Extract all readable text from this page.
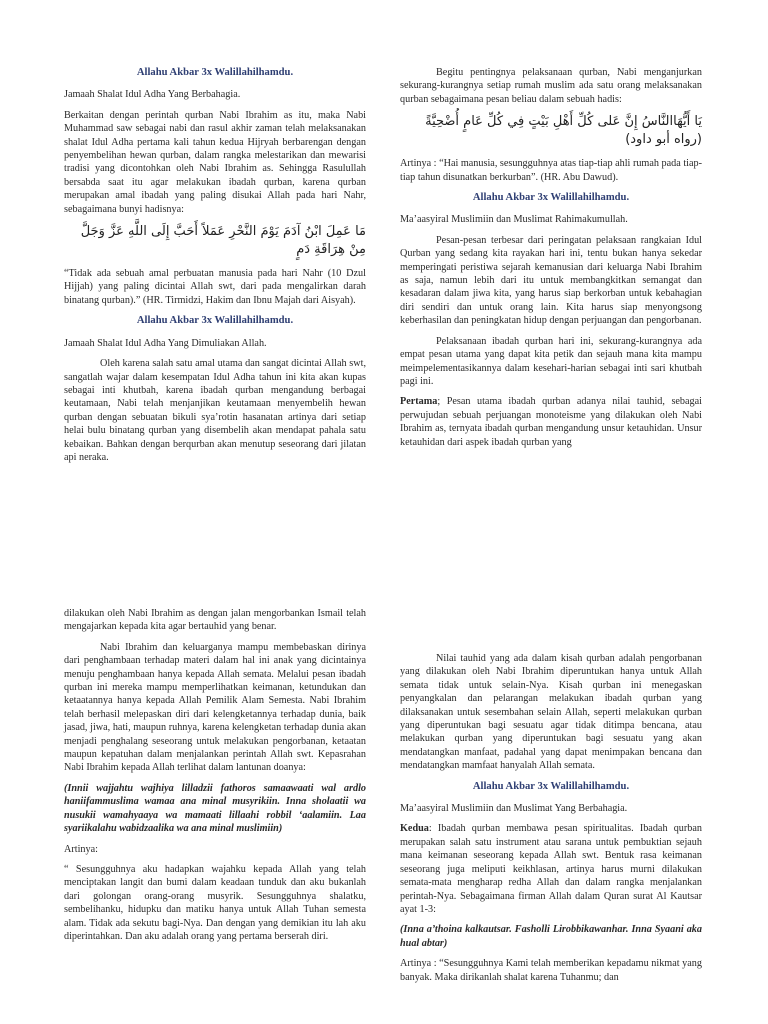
Allahu Akbar 3x Walillahilhamdu.

Jamaah Shalat Idul Adha Yang Berbahagia.

Berkaitan dengan perintah qurban Nabi Ibrahim as itu, maka Nabi Muhammad saw sebagai nabi dan rasul akhir zaman telah melaksanakan shalat Idul Adha pertama kali tahun kedua Hijryah berbarengan dengan penyembelihan hewan qurban, dalam rangka melestarikan dan mewarisi tradisi yang dicontohkan oleh Nabi Ibrahim as. Sehingga Rasulullah bersabda saat itu agar melakukan ibadah qurban, karena qurban merupakan amal ibadah yang paling disukai Allah pada hari Nahr, sebagaimana bunyi hadisnya:

مَا عَمِلَ ابْنُ آدَمَ يَوْمَ النَّحْرِ عَمَلاً أَحَبَّ إِلَى اللَّهِ عَزَّ وَجَلَّ مِنْ هِرَاقَةِ دَمٍ

“Tidak ada sebuah amal perbuatan manusia pada hari Nahr (10 Dzul Hijjah) yang paling dicintai Allah swt, dari pada mengalirkan darah binatang qurban).” (HR. Tirmidzi, Hakim dan Ibnu Majah dari Aisyah).

Allahu Akbar 3x Walillahilhamdu.

Jamaah Shalat Idul Adha Yang Dimuliakan Allah.

Oleh karena salah satu amal utama dan sangat dicintai Allah swt, sangatlah wajar dalam kesempatan Idul Adha tahun ini kita akan kupas sebagai inti khutbah, karena ibadah qurban mengandung berbagai keutamaan, Nabi telah menjanjikan keutamaan menyembelih hewan qurban dengan sebuatan bikuli sya’rotin hasanatan artinya dari setiap helai bulu binatang qurban yang disembelih akan mendapat pahala satu kebaikan. Bahkan dengan berqurban akan menutup seseorang dari jilatan api neraka.

Begitu pentingnya pelaksanaan qurban, Nabi menganjurkan sekurang-kurangnya setiap rumah muslim ada satu orang melaksanakan qurban sebagaimana pesan beliau dalam sebuah hadis:

يَا أَيُّهَاالنَّاسُ إِنَّ عَلى كُلِّ أَهْلِ بَيْتٍ فِي كُلِّ عَامٍ أُضْحِيَّةً (رواه أبو داود)

Artinya : “Hai manusia, sesungguhnya atas tiap-tiap ahli rumah pada tiap-tiap tahun disunatkan berkurban”. (HR. Abu Dawud).

Allahu Akbar 3x Walillahilhamdu.

Ma’aasyiral Muslimiin dan Muslimat Rahimakumullah.

Pesan-pesan terbesar dari peringatan pelaksaan rangkaian Idul Qurban yang sedang kita rayakan hari ini, tentu bukan hanya sekedar memperingati peristiwa sejarah kemanusian dari keluarga Nabi Ibrahim as saja, namun lebih dari itu untuk membangkitkan semangat dan kesadaran dalam jiwa kita, yang harus siap berkorban untuk kebahagian diri sendiri dan untuk orang lain. Kita harus siap menyongsong keberhasilan dan peningkatan hidup dengan perjuangan dan pengorbanan.

Pelaksanaan ibadah qurban hari ini, sekurang-kurangnya ada empat pesan utama yang dapat kita petik dan sejauh mana kita mampu meimpelementasikannya dalam kesehari-harian sebagai inti sari khutbah pagi ini.

Pertama; Pesan utama ibadah qurban adanya nilai tauhid, sebagai perwujudan sebuah perjuangan monoteisme yang dilakukan oleh Nabi Ibrahim as, ternyata ibadah qurban mengandung unsur ketauhidan. Unsur ketauhidan dari aspek ibadah qurban yang

dilakukan oleh Nabi Ibrahim as dengan jalan mengorbankan Ismail telah mengajarkan kepada kita agar bertauhid yang benar.

Nabi Ibrahim dan keluarganya mampu membebaskan dirinya dari penghambaan terhadap materi dalam hal ini anak yang dicintainya menuju penghambaan hanya kepada Allah semata. Melalui pesan ibadah qurban ini mereka mampu memperlihatkan keimanan, ketundukan dan ketaatannya hanya kepada Allah Pemilik Alam Semesta. Nabi Ibrahim telah berhasil melepaskan diri dari kelengketannya terhadap dunia, baik jasad, jiwa, hati, maupun ruhnya, karena kelengketan terhadap dunia akan menjadi penghalang seseorang untuk melakukan pengorbanan, ketaatan maupun kepatuhan dalam menjalankan perintah Allah swt. Kepasrahan Nabi Ibrahim kepada Allah terlihat dalam lantunan doanya:

(Innii wajjahtu wajhiya lilladzii fathoros samaawaati wal ardlo haniifammuslima wamaa ana minal musyrikiin. Inna sholaatii wa nusukii wamahyaaya wa mamaati lillaahi robbil ‘aalamiin. Laa syariikalahu wabidzaalika wa ana minal muslimiin)

Artinya:

“ Sesungguhnya aku hadapkan wajahku kepada Allah yang telah menciptakan langit dan bumi dalam keadaan tunduk dan aku bukanlah dari golongan orang-orang musyrik. Sesungguhnya shalatku, sembelihanku, hidupku dan matiku hanya untuk Allah Tuhan semesta alam. Tidak ada sekutu bagi-Nya. Dan dengan yang demikian itu lah aku diperintahkan. Dan aku adalah orang yang pertama berserah diri.

Nilai tauhid yang ada dalam kisah qurban adalah pengorbanan yang dilakukan oleh Nabi Ibrahim diperuntukan hanya untuk Allah semata tidak untuk selain-Nya. Kisah qurban ini menegaskan penyangkalan dan pelarangan melakukan ibadah qurban yang dilaksanakan untuk sesembahan selain Allah, seperti melakukan qurban yang diperuntukan bagi sesuatu agar tidak ditimpa bencana, atau melakukan qurban yang diperuntukan bagi sesuatu yang akan mendatangkan manfaat, padahal yang dapat menimpakan bencana dan mendatangkan mamfaat hanyalah Allah semata.

Allahu Akbar 3x Walillahilhamdu.

Ma’aasyiral Muslimiin dan Muslimat Yang Berbahagia.

Kedua: Ibadah qurban membawa pesan spiritualitas. Ibadah qurban merupakan salah satu instrument atau sarana untuk pembuktian sejauh mana keimanan seseorang kepada Allah swt. Bentuk rasa keimanan seseorang juga meliputi keikhlasan, artinya harus murni dilakukan semata-mata mengharap redha Allah dan dalam rangka menjalankan perintah-Nya. Sebagaimana firman Allah dalam Quran surat Al Kautsar ayat 1-3:

(Inna a’thoina kalkautsar. Fasholli Lirobbikawanhar. Inna Syaani aka hual abtar)

Artinya : “Sesungguhnya Kami telah memberikan kepadamu nikmat yang banyak. Maka dirikanlah shalat karena Tuhanmu; dan
